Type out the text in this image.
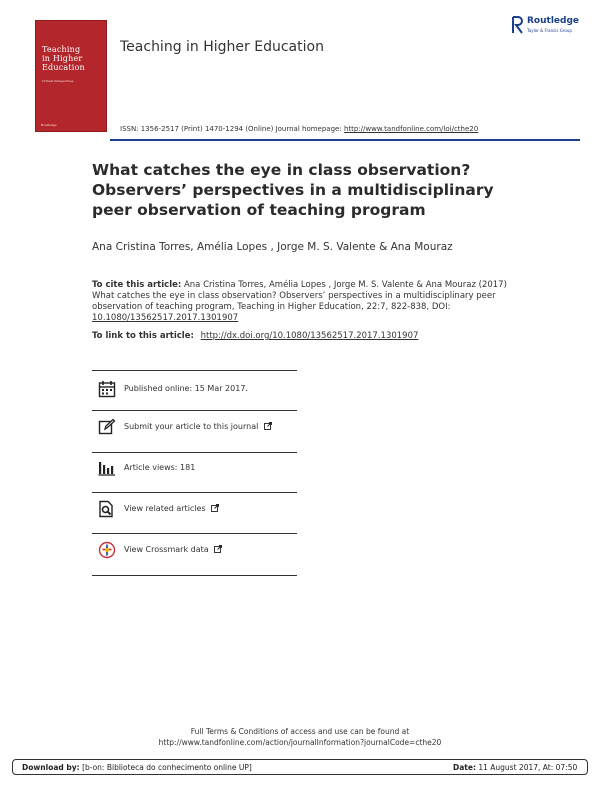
Teaching
in Higher
Education
Critical Perspectives
Routledge
Teaching in Higher Education
Routledge
Taylor & Francis Group
ISSN: 1356-2517 (Print) 1470-1294 (Online) Journal homepage: http://www.tandfonline.com/loi/cthe20
What catches the eye in class observation? Observers’ perspectives in a multidisciplinary peer observation of teaching program
Ana Cristina Torres, Amélia Lopes , Jorge M. S. Valente & Ana Mouraz
To cite this article: Ana Cristina Torres, Amélia Lopes , Jorge M. S. Valente & Ana Mouraz (2017) What catches the eye in class observation? Observers’ perspectives in a multidisciplinary peer observation of teaching program, Teaching in Higher Education, 22:7, 822-838, DOI: 10.1080/13562517.2017.1301907
To link to this article: http://dx.doi.org/10.1080/13562517.2017.1301907
Published online: 15 Mar 2017.
Submit your article to this journal
Article views: 181
View related articles
View Crossmark data
Full Terms & Conditions of access and use can be found at
http://www.tandfonline.com/action/journalInformation?journalCode=cthe20
Download by: [b-on: Biblioteca do conhecimento online UP]	Date: 11 August 2017, At: 07:50
